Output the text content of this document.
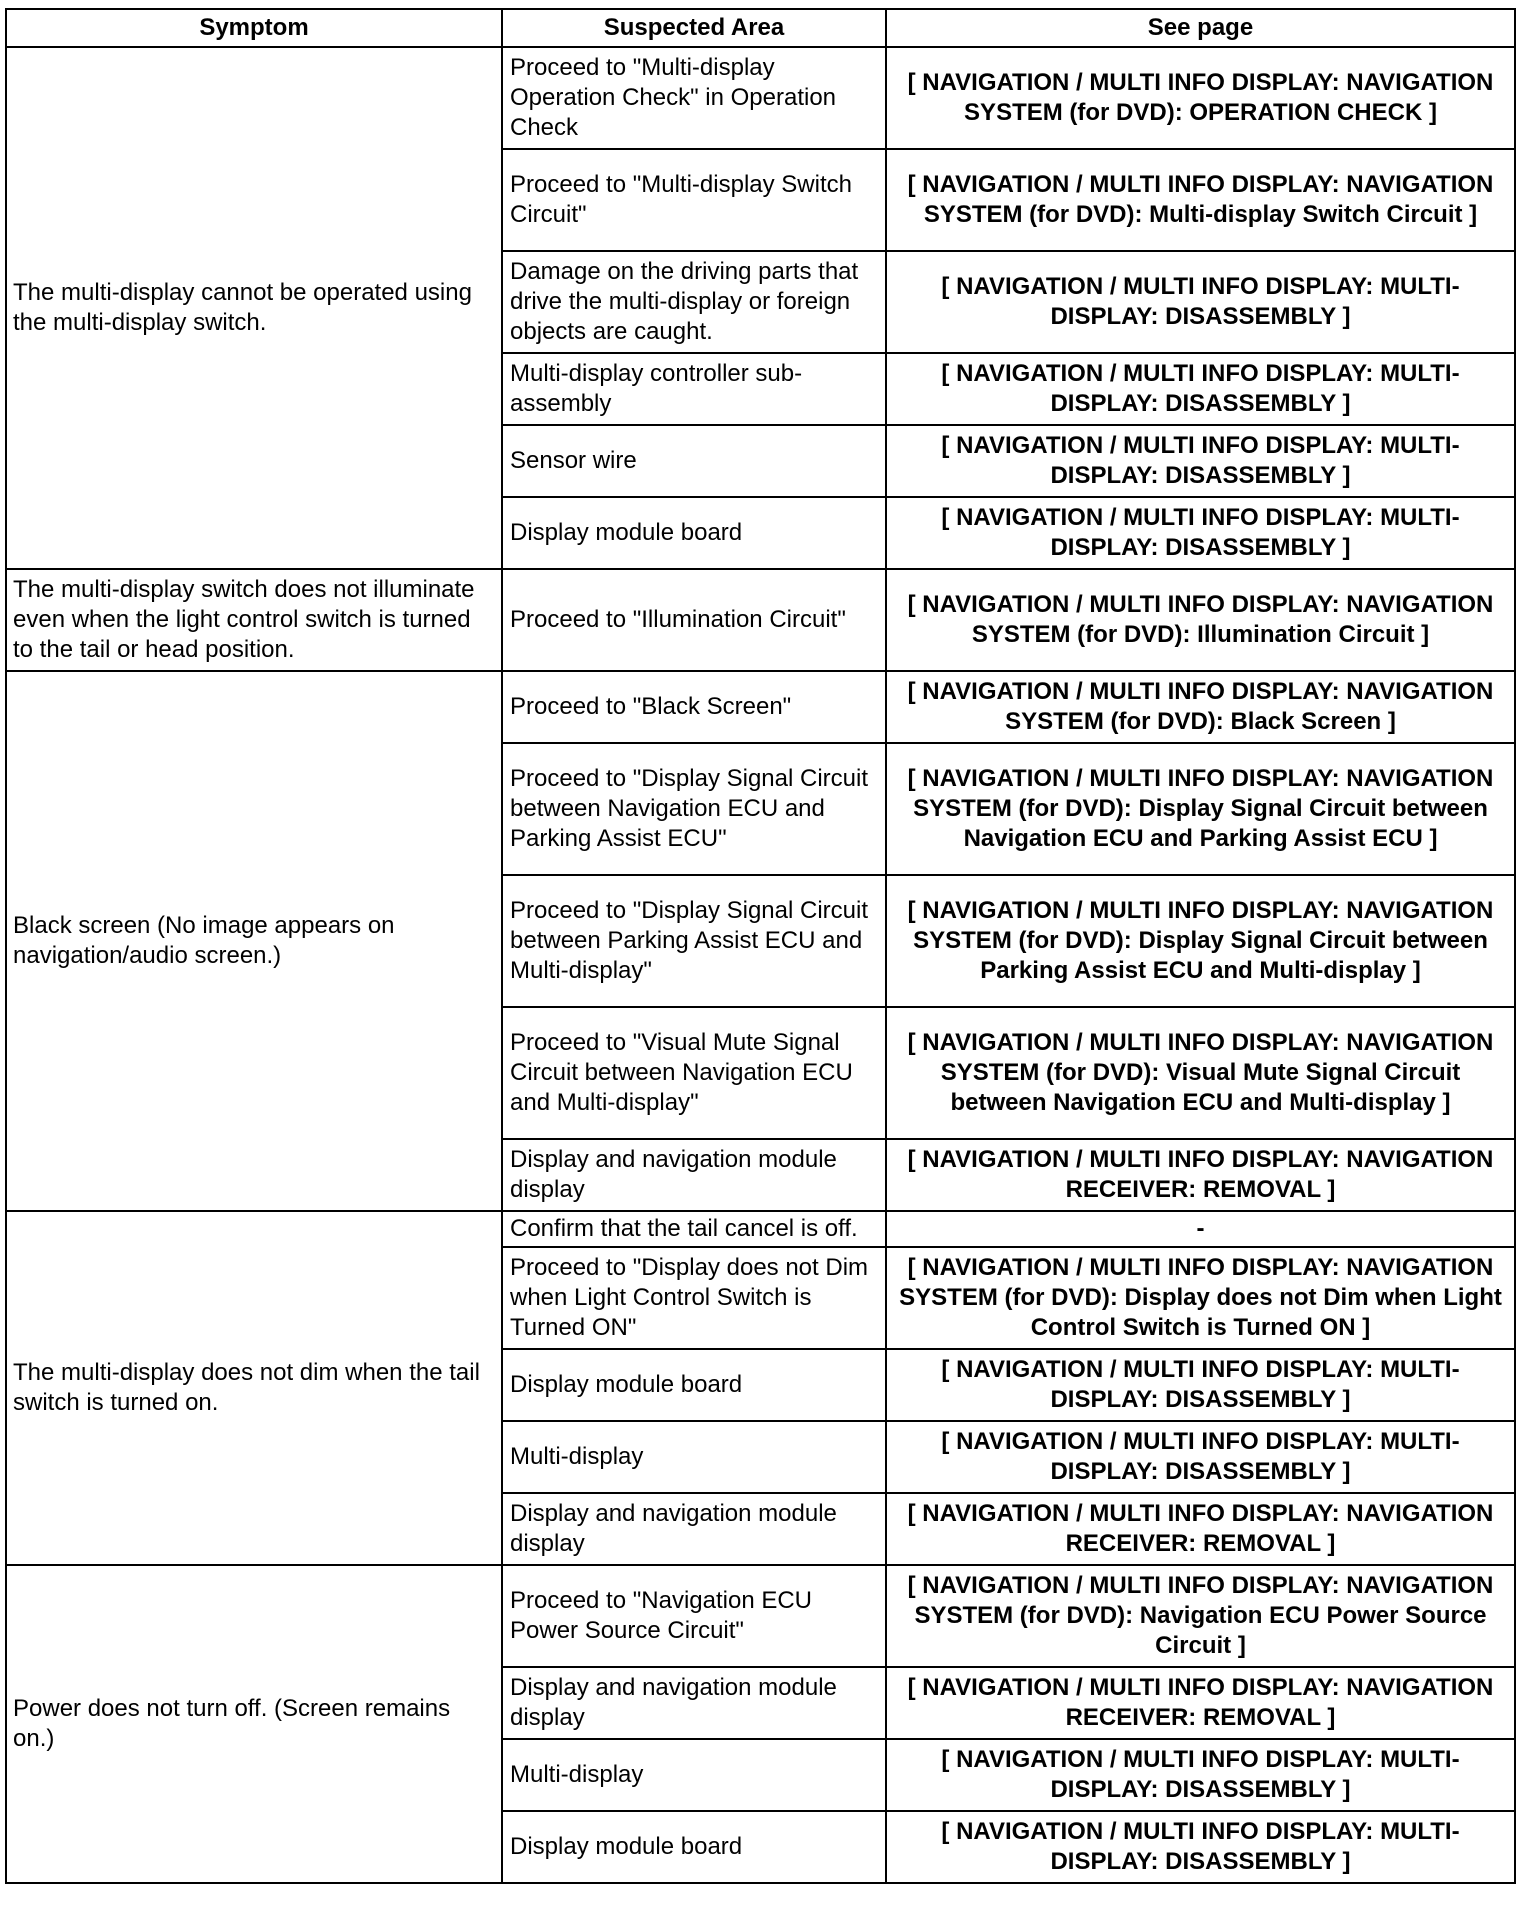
Symptom	Suspected Area	See page
The multi-display cannot be operated using the multi-display switch.	Proceed to "Multi-display Operation Check" in Operation Check	[ NAVIGATION / MULTI INFO DISPLAY: NAVIGATION SYSTEM (for DVD): OPERATION CHECK ]
	Proceed to "Multi-display Switch Circuit"	[ NAVIGATION / MULTI INFO DISPLAY: NAVIGATION SYSTEM (for DVD): Multi-display Switch Circuit ]
	Damage on the driving parts that drive the multi-display or foreign objects are caught.	[ NAVIGATION / MULTI INFO DISPLAY: MULTI-DISPLAY: DISASSEMBLY ]
	Multi-display controller sub-assembly	[ NAVIGATION / MULTI INFO DISPLAY: MULTI-DISPLAY: DISASSEMBLY ]
	Sensor wire	[ NAVIGATION / MULTI INFO DISPLAY: MULTI-DISPLAY: DISASSEMBLY ]
	Display module board	[ NAVIGATION / MULTI INFO DISPLAY: MULTI-DISPLAY: DISASSEMBLY ]
The multi-display switch does not illuminate even when the light control switch is turned to the tail or head position.	Proceed to "Illumination Circuit"	[ NAVIGATION / MULTI INFO DISPLAY: NAVIGATION SYSTEM (for DVD): Illumination Circuit ]
Black screen (No image appears on navigation/audio screen.)	Proceed to "Black Screen"	[ NAVIGATION / MULTI INFO DISPLAY: NAVIGATION SYSTEM (for DVD): Black Screen ]
	Proceed to "Display Signal Circuit between Navigation ECU and Parking Assist ECU"	[ NAVIGATION / MULTI INFO DISPLAY: NAVIGATION SYSTEM (for DVD): Display Signal Circuit between Navigation ECU and Parking Assist ECU ]
	Proceed to "Display Signal Circuit between Parking Assist ECU and Multi-display"	[ NAVIGATION / MULTI INFO DISPLAY: NAVIGATION SYSTEM (for DVD): Display Signal Circuit between Parking Assist ECU and Multi-display ]
	Proceed to "Visual Mute Signal Circuit between Navigation ECU and Multi-display"	[ NAVIGATION / MULTI INFO DISPLAY: NAVIGATION SYSTEM (for DVD): Visual Mute Signal Circuit between Navigation ECU and Multi-display ]
	Display and navigation module display	[ NAVIGATION / MULTI INFO DISPLAY: NAVIGATION RECEIVER: REMOVAL ]
The multi-display does not dim when the tail switch is turned on.	Confirm that the tail cancel is off.	-
	Proceed to "Display does not Dim when Light Control Switch is Turned ON"	[ NAVIGATION / MULTI INFO DISPLAY: NAVIGATION SYSTEM (for DVD): Display does not Dim when Light Control Switch is Turned ON ]
	Display module board	[ NAVIGATION / MULTI INFO DISPLAY: MULTI-DISPLAY: DISASSEMBLY ]
	Multi-display	[ NAVIGATION / MULTI INFO DISPLAY: MULTI-DISPLAY: DISASSEMBLY ]
	Display and navigation module display	[ NAVIGATION / MULTI INFO DISPLAY: NAVIGATION RECEIVER: REMOVAL ]
Power does not turn off. (Screen remains on.)	Proceed to "Navigation ECU Power Source Circuit"	[ NAVIGATION / MULTI INFO DISPLAY: NAVIGATION SYSTEM (for DVD): Navigation ECU Power Source Circuit ]
	Display and navigation module display	[ NAVIGATION / MULTI INFO DISPLAY: NAVIGATION RECEIVER: REMOVAL ]
	Multi-display	[ NAVIGATION / MULTI INFO DISPLAY: MULTI-DISPLAY: DISASSEMBLY ]
	Display module board	[ NAVIGATION / MULTI INFO DISPLAY: MULTI-DISPLAY: DISASSEMBLY ]
